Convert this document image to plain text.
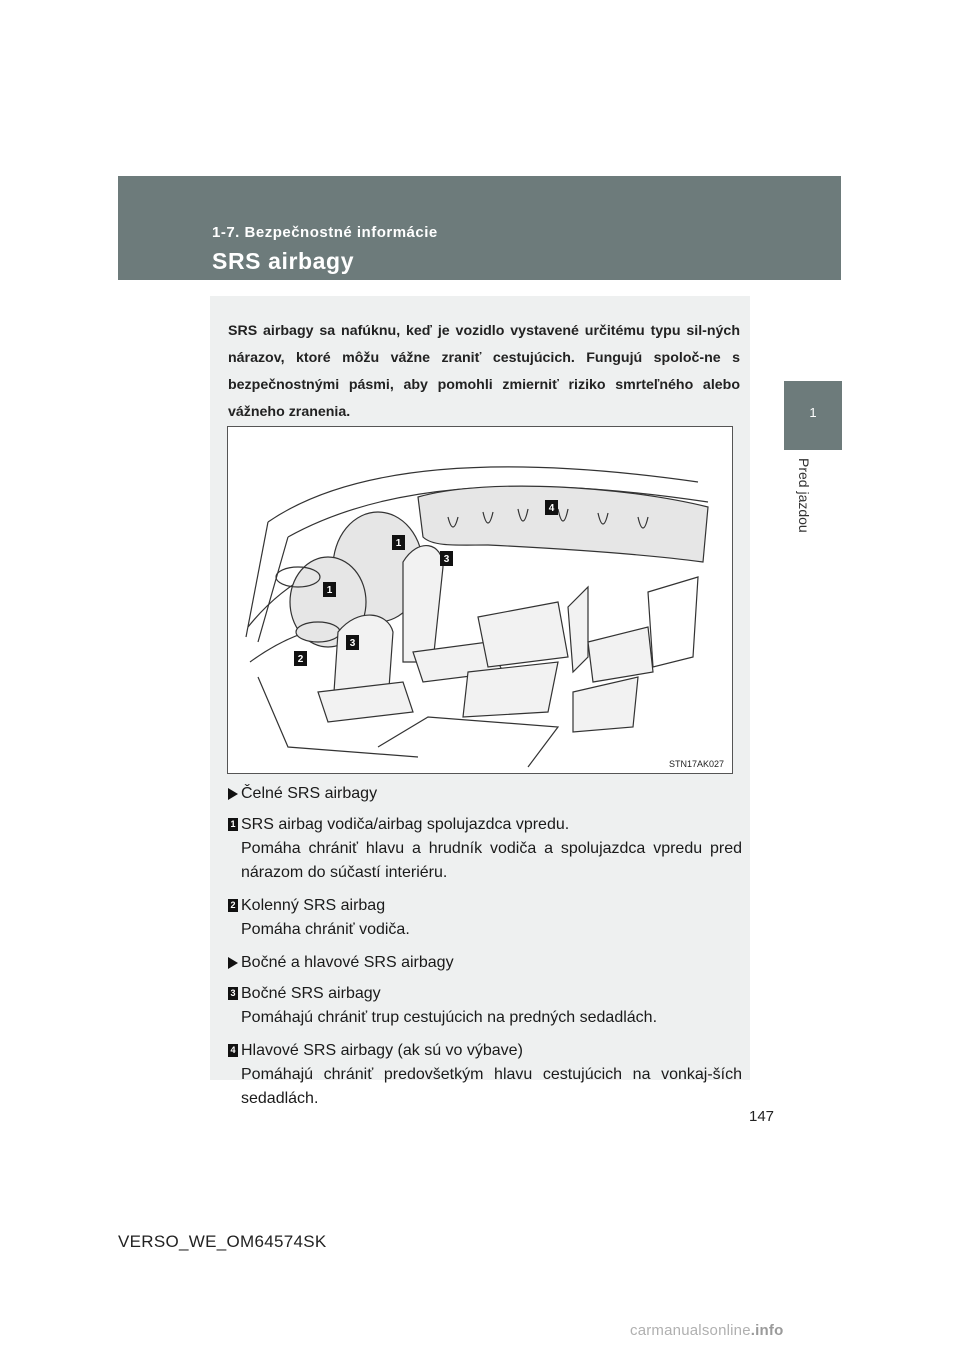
1-7. Bezpečnostné informácie

SRS airbagy
1
Pred jazdou

SRS airbagy sa nafúknu, keď je vozidlo vystavené určitému typu sil-ných nárazov, ktoré môžu vážne zraniť cestujúcich. Fungujú spoloč-ne s bezpečnostnými pásmi, aby pomohli zmierniť riziko smrteľného alebo vážneho zranenia.

1
3
1
3
2
4
STN17AK027
Čelné SRS airbagy
1 SRS airbag vodiča/airbag spolujazdca vpredu.
Pomáha chrániť hlavu a hrudník vodiča a spolujazdca vpredu pred nárazom do súčastí interiéru.
2 Kolenný SRS airbag
Pomáha chrániť vodiča.
Bočné a hlavové SRS airbagy
3 Bočné SRS airbagy
Pomáhajú chrániť trup cestujúcich na predných sedadlách.
4 Hlavové SRS airbagy (ak sú vo výbave)
Pomáhajú chrániť predovšetkým hlavu cestujúcich na vonkaj-ších sedadlách.
147
VERSO_WE_OM64574SK
carmanualsonline.info
